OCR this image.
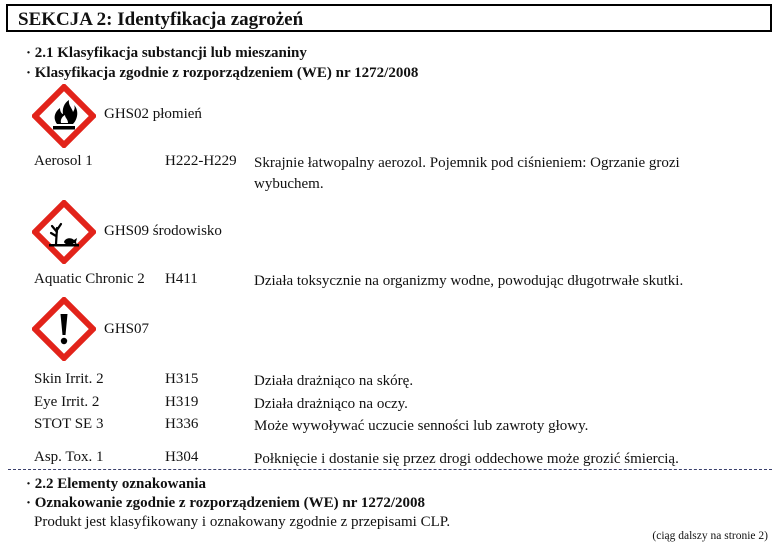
SEKCJA 2: Identyfikacja zagrożeń
· 2.1 Klasyfikacja substancji lub mieszaniny
· Klasyfikacja zgodnie z rozporządzeniem (WE) nr 1272/2008
GHS02 płomień
Aerosol 1	H222-H229 Skrajnie łatwopalny aerozol. Pojemnik pod ciśnieniem: Ogrzanie grozi wybuchem.
GHS09 środowisko
Aquatic Chronic 2 H411	Działa toksycznie na organizmy wodne, powodując długotrwałe skutki.
GHS07
Skin Irrit. 2	H315	Działa drażniąco na skórę.
Eye Irrit. 2	H319	Działa drażniąco na oczy.
STOT SE 3	H336	Może wywoływać uczucie senności lub zawroty głowy.
Asp. Tox. 1	H304	Połknięcie i dostanie się przez drogi oddechowe może grozić śmiercią.
· 2.2 Elementy oznakowania
· Oznakowanie zgodnie z rozporządzeniem (WE) nr 1272/2008
Produkt jest klasyfikowany i oznakowany zgodnie z przepisami CLP.
(ciąg dalszy na stronie 2)
